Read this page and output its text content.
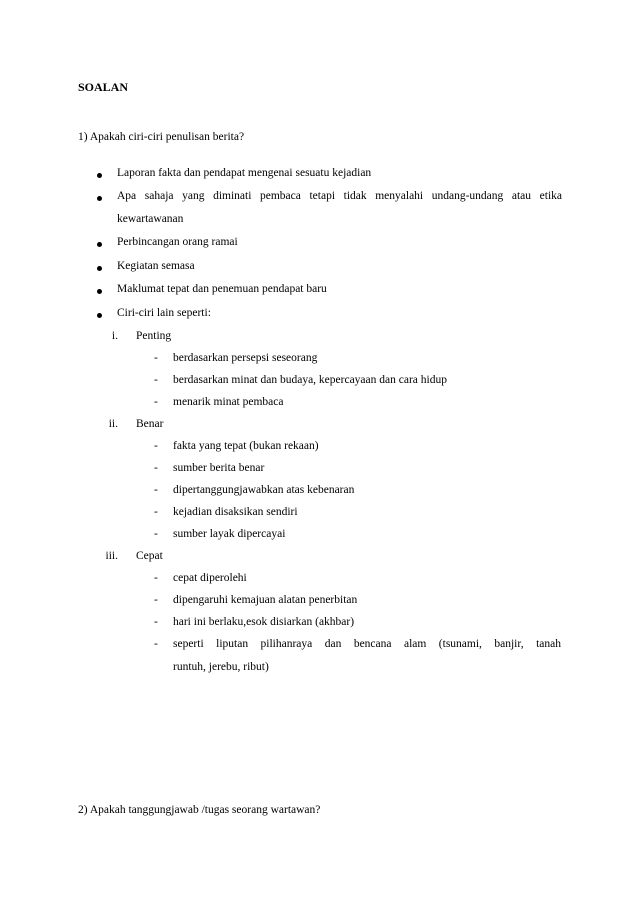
SOALAN
1) Apakah ciri-ciri penulisan berita?
Laporan fakta dan pendapat mengenai sesuatu kejadian
Apa sahaja yang diminati pembaca tetapi tidak menyalahi undang-undang atau etika
kewartawanan
Perbincangan orang ramai
Kegiatan semasa
Maklumat tepat dan penemuan pendapat baru
Ciri-ciri lain seperti:
i. Penting
- berdasarkan persepsi seseorang
- berdasarkan minat dan budaya, kepercayaan dan cara hidup
- menarik minat pembaca
ii. Benar
- fakta yang tepat (bukan rekaan)
- sumber berita benar
- dipertanggungjawabkan atas kebenaran
- kejadian disaksikan sendiri
- sumber layak dipercayai
iii. Cepat
- cepat diperolehi
- dipengaruhi kemajuan alatan penerbitan
- hari ini berlaku,esok disiarkan (akhbar)
- seperti liputan pilihanraya dan bencana alam (tsunami, banjir, tanah
runtuh, jerebu, ribut)
2) Apakah tanggungjawab /tugas seorang wartawan?
